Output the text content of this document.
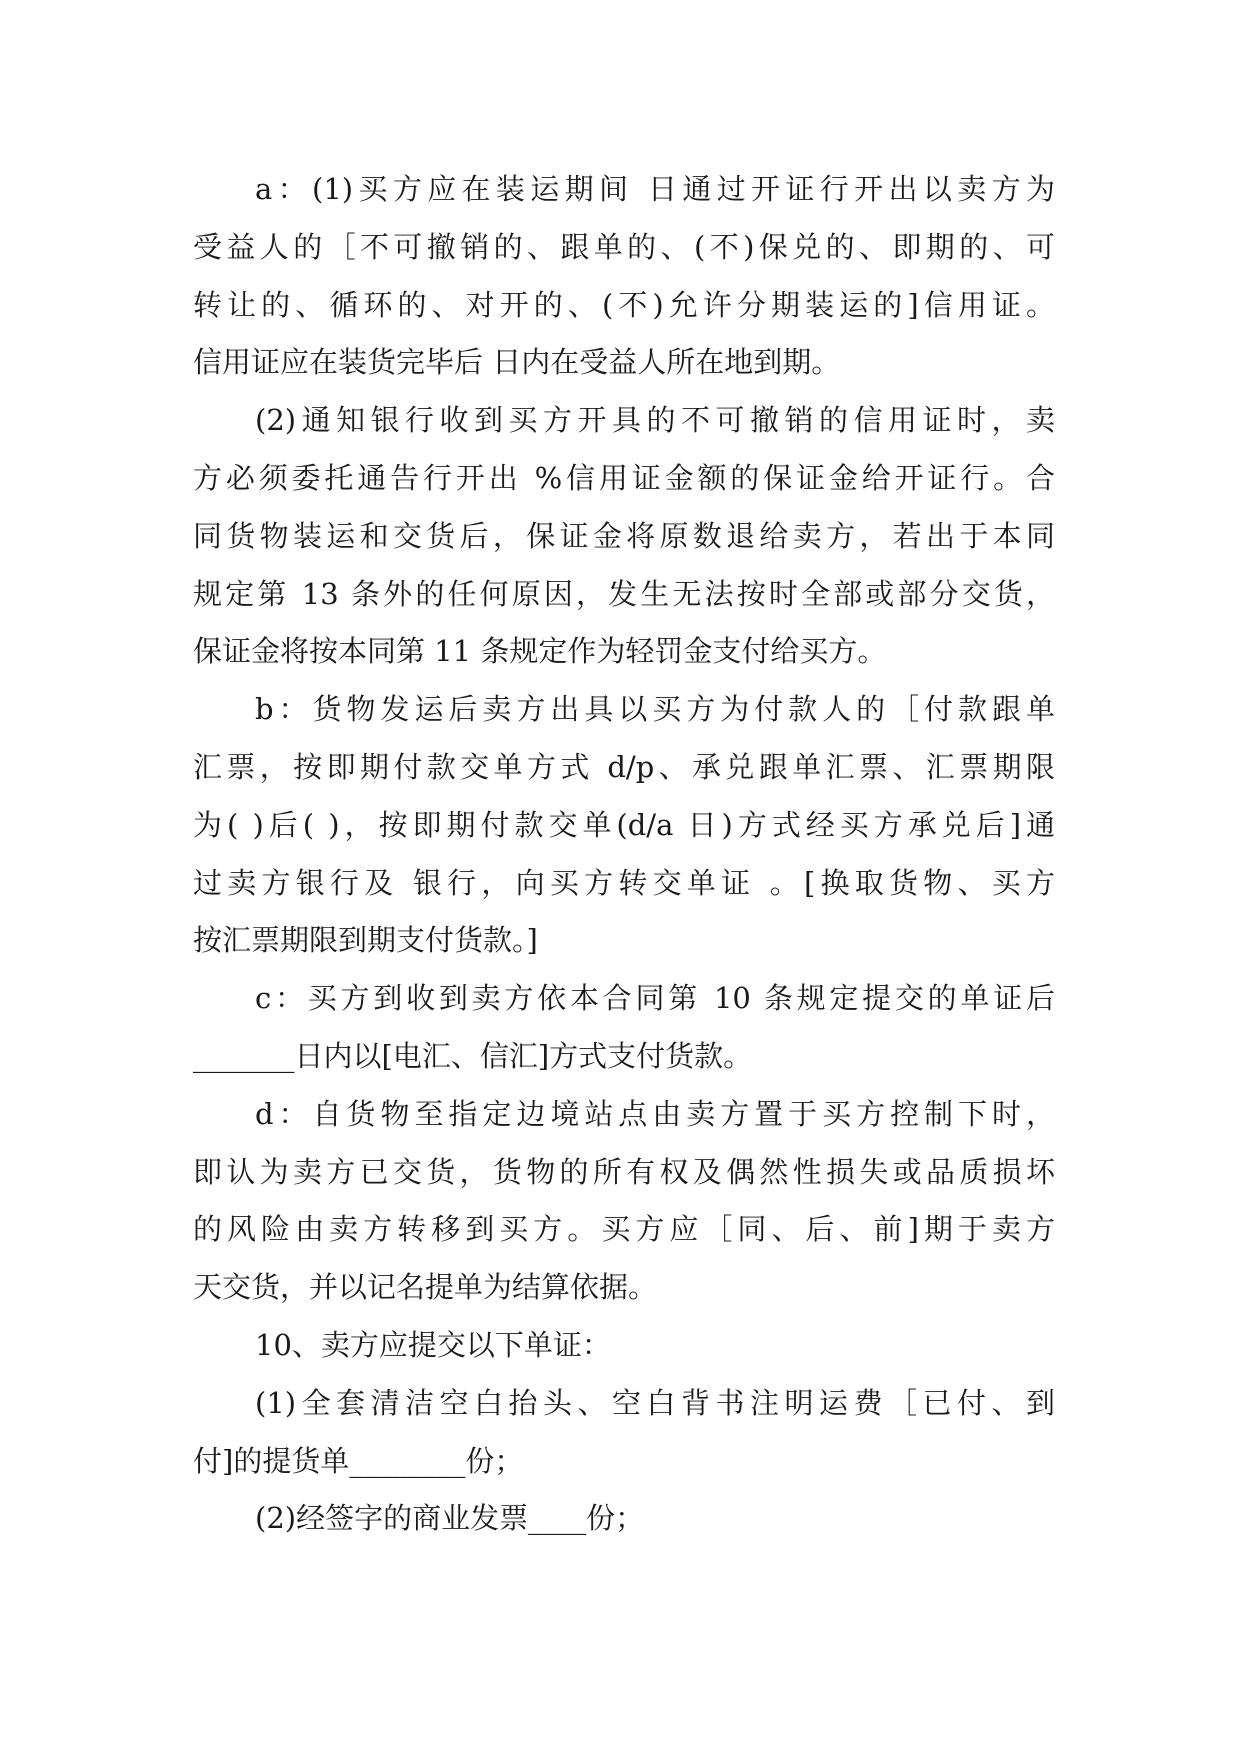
a：(1)买方应在装运期间 日通过开证行开出以卖方为
受益人的［不可撤销的、跟单的、(不)保兑的、即期的、可
转让的、循环的、对开的、(不)允许分期装运的]信用证。
信用证应在装货完毕后 日内在受益人所在地到期。
(2)通知银行收到买方开具的不可撤销的信用证时，卖
方必须委托通告行开出 %信用证金额的保证金给开证行。合
同货物装运和交货后，保证金将原数退给卖方，若出于本同
规定第 13 条外的任何原因，发生无法按时全部或部分交货，
保证金将按本同第 11 条规定作为轻罚金支付给买方。
b：货物发运后卖方出具以买方为付款人的［付款跟单
汇票，按即期付款交单方式 d/p、承兑跟单汇票、汇票期限
为( )后( )，按即期付款交单(d/a 日)方式经买方承兑后]通
过卖方银行及 银行，向买方转交单证 。[换取货物、买方
按汇票期限到期支付货款。]
c：买方到收到卖方依本合同第 10 条规定提交的单证后
_______日内以[电汇、信汇]方式支付货款。
d：自货物至指定边境站点由卖方置于买方控制下时，
即认为卖方已交货，货物的所有权及偶然性损失或品质损坏
的风险由卖方转移到买方。买方应［同、后、前]期于卖方
天交货，并以记名提单为结算依据。
10、卖方应提交以下单证：
(1)全套清洁空白抬头、空白背书注明运费［已付、到
付]的提货单________份；
(2)经签字的商业发票____份；
